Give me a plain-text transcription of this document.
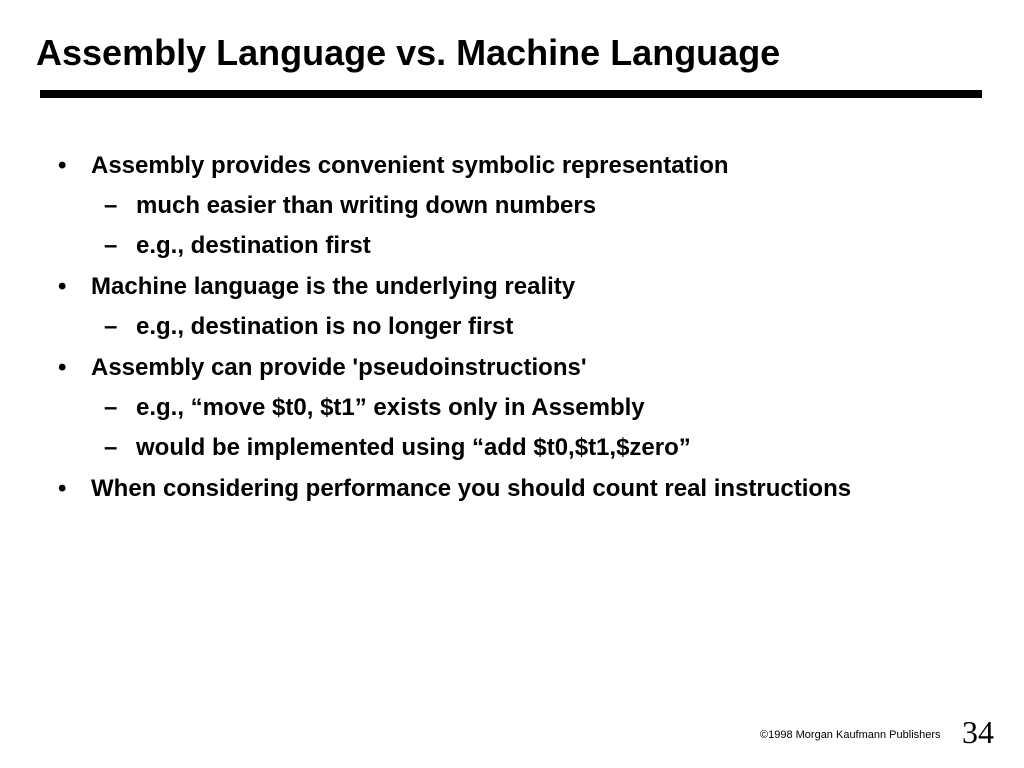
Assembly Language vs. Machine Language
• Assembly provides convenient symbolic representation
– much easier than writing down numbers
– e.g., destination first
• Machine language is the underlying reality
– e.g., destination is no longer first
• Assembly can provide 'pseudoinstructions'
– e.g., “move $t0, $t1” exists only in Assembly
– would be implemented using “add $t0,$t1,$zero”
• When considering performance you should count real instructions
©1998 Morgan Kaufmann Publishers 34
